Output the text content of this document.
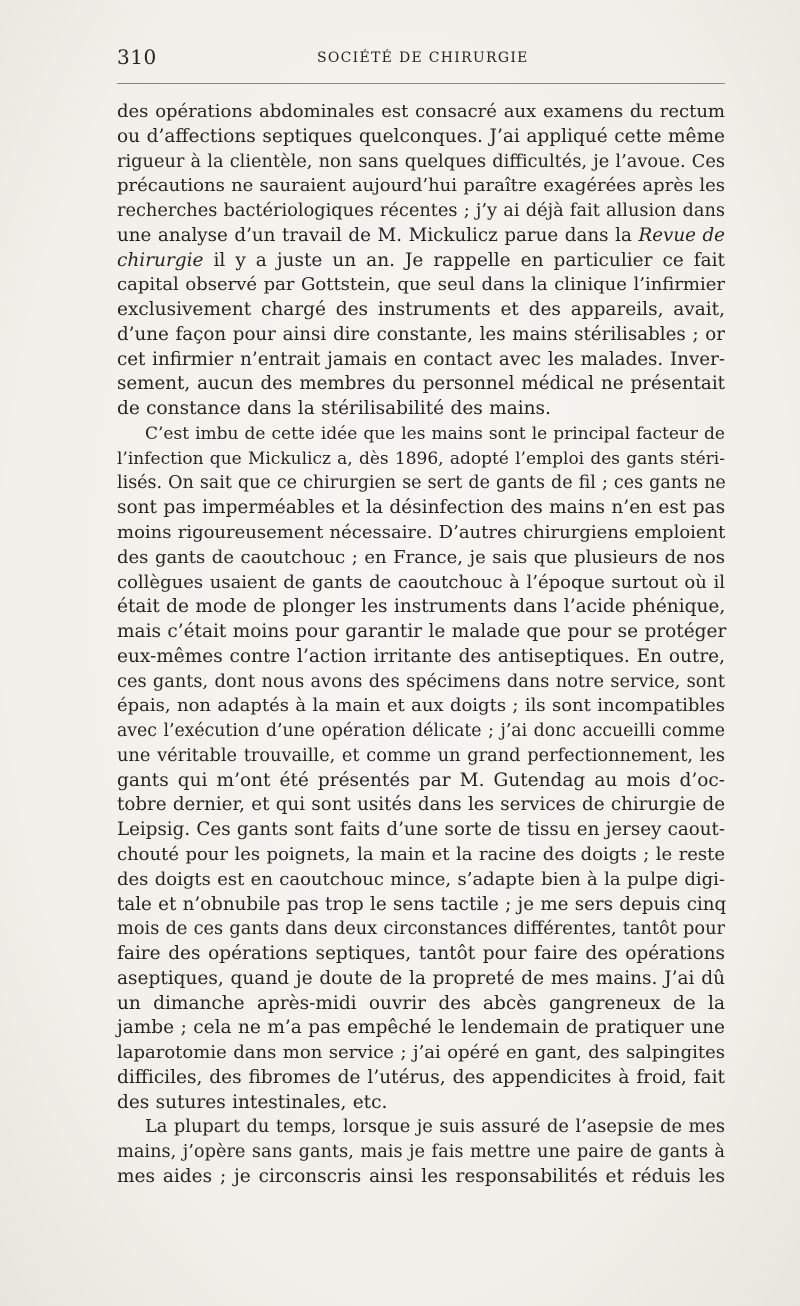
310	SOCIÉTÉ DE CHIRURGIE
des opérations abdominales est consacré aux examens du rectum
ou d’affections septiques quelconques. J’ai appliqué cette même
rigueur à la clientèle, non sans quelques difficultés, je l’avoue. Ces
précautions ne sauraient aujourd’hui paraître exagérées après les
recherches bactériologiques récentes ; j’y ai déjà fait allusion dans
une analyse d’un travail de M. Mickulicz parue dans la Revue de
chirurgie il y a juste un an. Je rappelle en particulier ce fait
capital observé par Gottstein, que seul dans la clinique l’infirmier
exclusivement chargé des instruments et des appareils, avait,
d’une façon pour ainsi dire constante, les mains stérilisables ; or
cet infirmier n’entrait jamais en contact avec les malades. Inver-
sement, aucun des membres du personnel médical ne présentait
de constance dans la stérilisabilité des mains.
C’est imbu de cette idée que les mains sont le principal facteur de
l’infection que Mickulicz a, dès 1896, adopté l’emploi des gants stéri-
lisés. On sait que ce chirurgien se sert de gants de fil ; ces gants ne
sont pas imperméables et la désinfection des mains n’en est pas
moins rigoureusement nécessaire. D’autres chirurgiens emploient
des gants de caoutchouc ; en France, je sais que plusieurs de nos
collègues usaient de gants de caoutchouc à l’époque surtout où il
était de mode de plonger les instruments dans l’acide phénique,
mais c’était moins pour garantir le malade que pour se protéger
eux-mêmes contre l’action irritante des antiseptiques. En outre,
ces gants, dont nous avons des spécimens dans notre service, sont
épais, non adaptés à la main et aux doigts ; ils sont incompatibles
avec l’exécution d’une opération délicate ; j’ai donc accueilli comme
une véritable trouvaille, et comme un grand perfectionnement, les
gants qui m’ont été présentés par M. Gutendag au mois d’oc-
tobre dernier, et qui sont usités dans les services de chirurgie de
Leipsig. Ces gants sont faits d’une sorte de tissu en jersey caout-
chouté pour les poignets, la main et la racine des doigts ; le reste
des doigts est en caoutchouc mince, s’adapte bien à la pulpe digi-
tale et n’obnubile pas trop le sens tactile ; je me sers depuis cinq
mois de ces gants dans deux circonstances différentes, tantôt pour
faire des opérations septiques, tantôt pour faire des opérations
aseptiques, quand je doute de la propreté de mes mains. J’ai dû
un dimanche après-midi ouvrir des abcès gangreneux de la
jambe ; cela ne m’a pas empêché le lendemain de pratiquer une
laparotomie dans mon service ; j’ai opéré en gant, des salpingites
difficiles, des fibromes de l’utérus, des appendicites à froid, fait
des sutures intestinales, etc.
La plupart du temps, lorsque je suis assuré de l’asepsie de mes
mains, j’opère sans gants, mais je fais mettre une paire de gants à
mes aides ; je circonscris ainsi les responsabilités et réduis les
